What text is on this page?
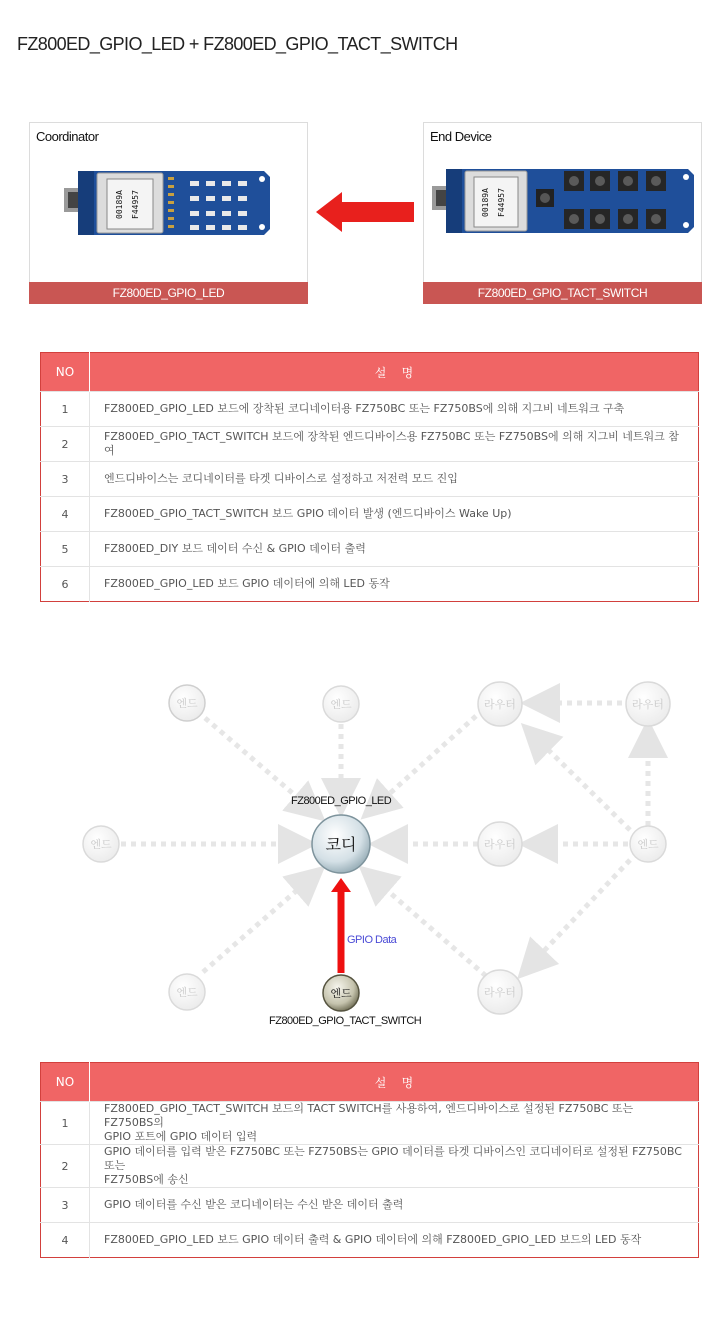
FZ800ED_GPIO_LED + FZ800ED_GPIO_TACT_SWITCH
Coordinator
00189A F44957
FZ800ED_GPIO_LED
End Device
00189A F44957
FZ800ED_GPIO_TACT_SWITCH
NO	설    명
1	FZ800ED_GPIO_LED 보드에 장착된 코디네이터용 FZ750BC 또는 FZ750BS에 의해 지그비 네트워크 구축
2	FZ800ED_GPIO_TACT_SWITCH 보드에 장착된 엔드디바이스용 FZ750BC 또는 FZ750BS에 의해 지그비 네트워크 참여
3	엔드디바이스는 코디네이터를 타겟 디바이스로 설정하고 저전력 모드 진입
4	FZ800ED_GPIO_TACT_SWITCH 보드 GPIO 데이터 발생 (엔드디바이스 Wake Up)
5	FZ800ED_DIY 보드 데이터 수신 & GPIO 데이터 출력
6	FZ800ED_GPIO_LED 보드 GPIO 데이터에 의해 LED 동작
엔드	엔드	라우터	라우터
엔드	라우터	엔드
엔드	라우터
코디
엔드
FZ800ED_GPIO_LED
GPIO Data
FZ800ED_GPIO_TACT_SWITCH
NO	설    명
1	FZ800ED_GPIO_TACT_SWITCH 보드의 TACT SWITCH를 사용하여, 엔드디바이스로 설정된 FZ750BC 또는 FZ750BS의
GPIO 포트에 GPIO 데이터 입력

2	GPIO 데이터를 입력 받은 FZ750BC 또는 FZ750BS는 GPIO 데이터를 타겟 디바이스인 코디네이터로 설정된 FZ750BC 또는
FZ750BS에 송신

3	GPIO 데이터를 수신 받은 코디네이터는 수신 받은 데이터 출력
4	FZ800ED_GPIO_LED 보드 GPIO 데이터 출력 & GPIO 데이터에 의해 FZ800ED_GPIO_LED 보드의 LED 동작
